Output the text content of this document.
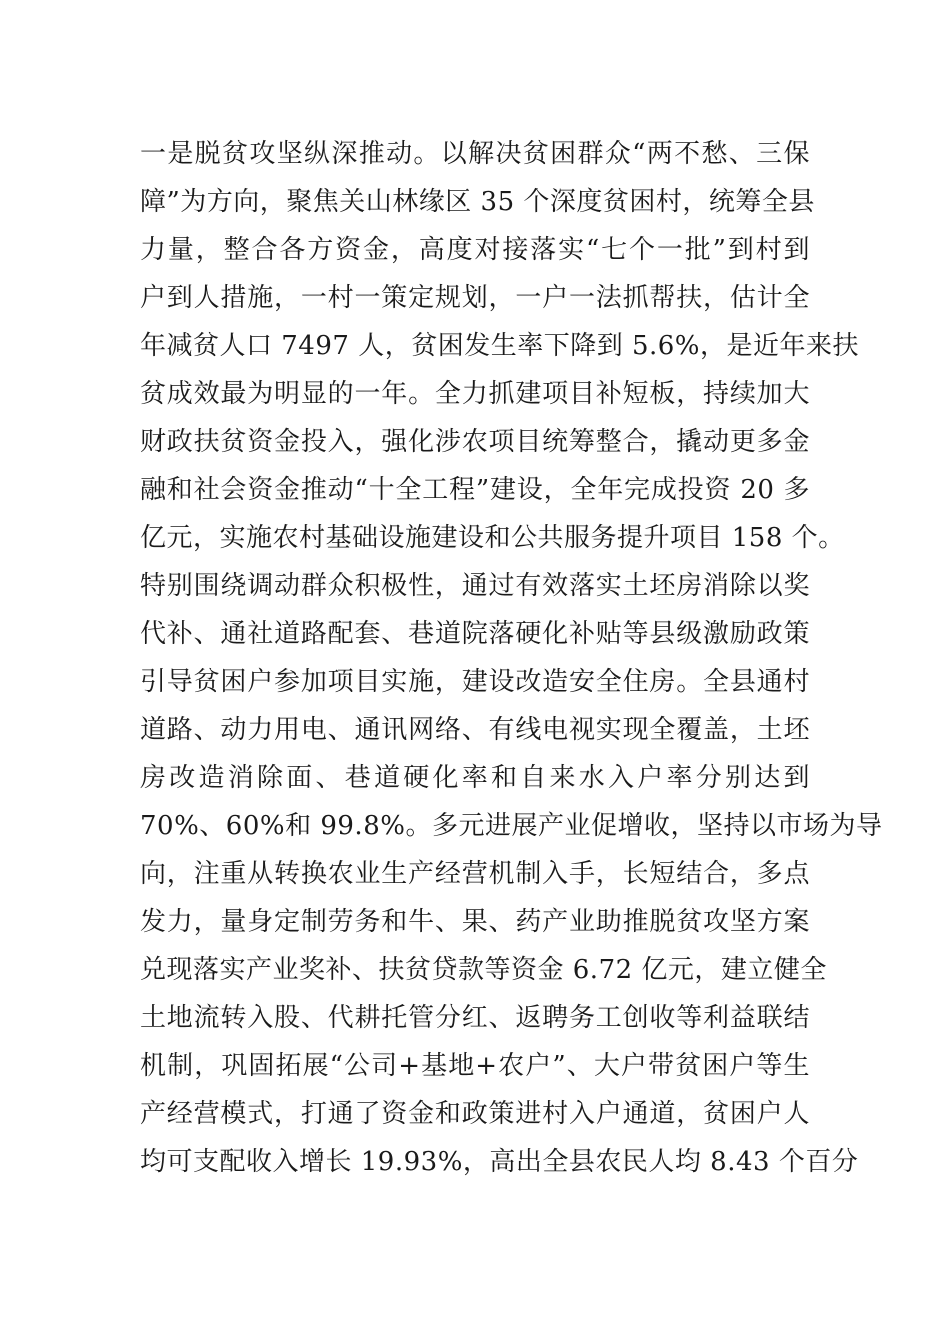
一是脱贫攻坚纵深推动。以解决贫困群众“两不愁、三保
障”为方向，聚焦关山林缘区 35 个深度贫困村，统筹全县
力量，整合各方资金，高度对接落实“七个一批”到村到
户到人措施，一村一策定规划，一户一法抓帮扶，估计全
年减贫人口 7497 人，贫困发生率下降到 5.6%，是近年来扶
贫成效最为明显的一年。全力抓建项目补短板，持续加大
财政扶贫资金投入，强化涉农项目统筹整合，撬动更多金
融和社会资金推动“十全工程”建设，全年完成投资 20 多
亿元，实施农村基础设施建设和公共服务提升项目 158 个。
特别围绕调动群众积极性，通过有效落实土坯房消除以奖
代补、通社道路配套、巷道院落硬化补贴等县级激励政策
引导贫困户参加项目实施，建设改造安全住房。全县通村
道路、动力用电、通讯网络、有线电视实现全覆盖，土坯
房改造消除面、巷道硬化率和自来水入户率分别达到
70%、60%和 99.8%。多元进展产业促增收，坚持以市场为导
向，注重从转换农业生产经营机制入手，长短结合，多点
发力，量身定制劳务和牛、果、药产业助推脱贫攻坚方案
兑现落实产业奖补、扶贫贷款等资金 6.72 亿元，建立健全
土地流转入股、代耕托管分红、返聘务工创收等利益联结
机制，巩固拓展“公司+基地+农户”、大户带贫困户等生
产经营模式，打通了资金和政策进村入户通道，贫困户人
均可支配收入增长 19.93%，高出全县农民人均 8.43 个百分
